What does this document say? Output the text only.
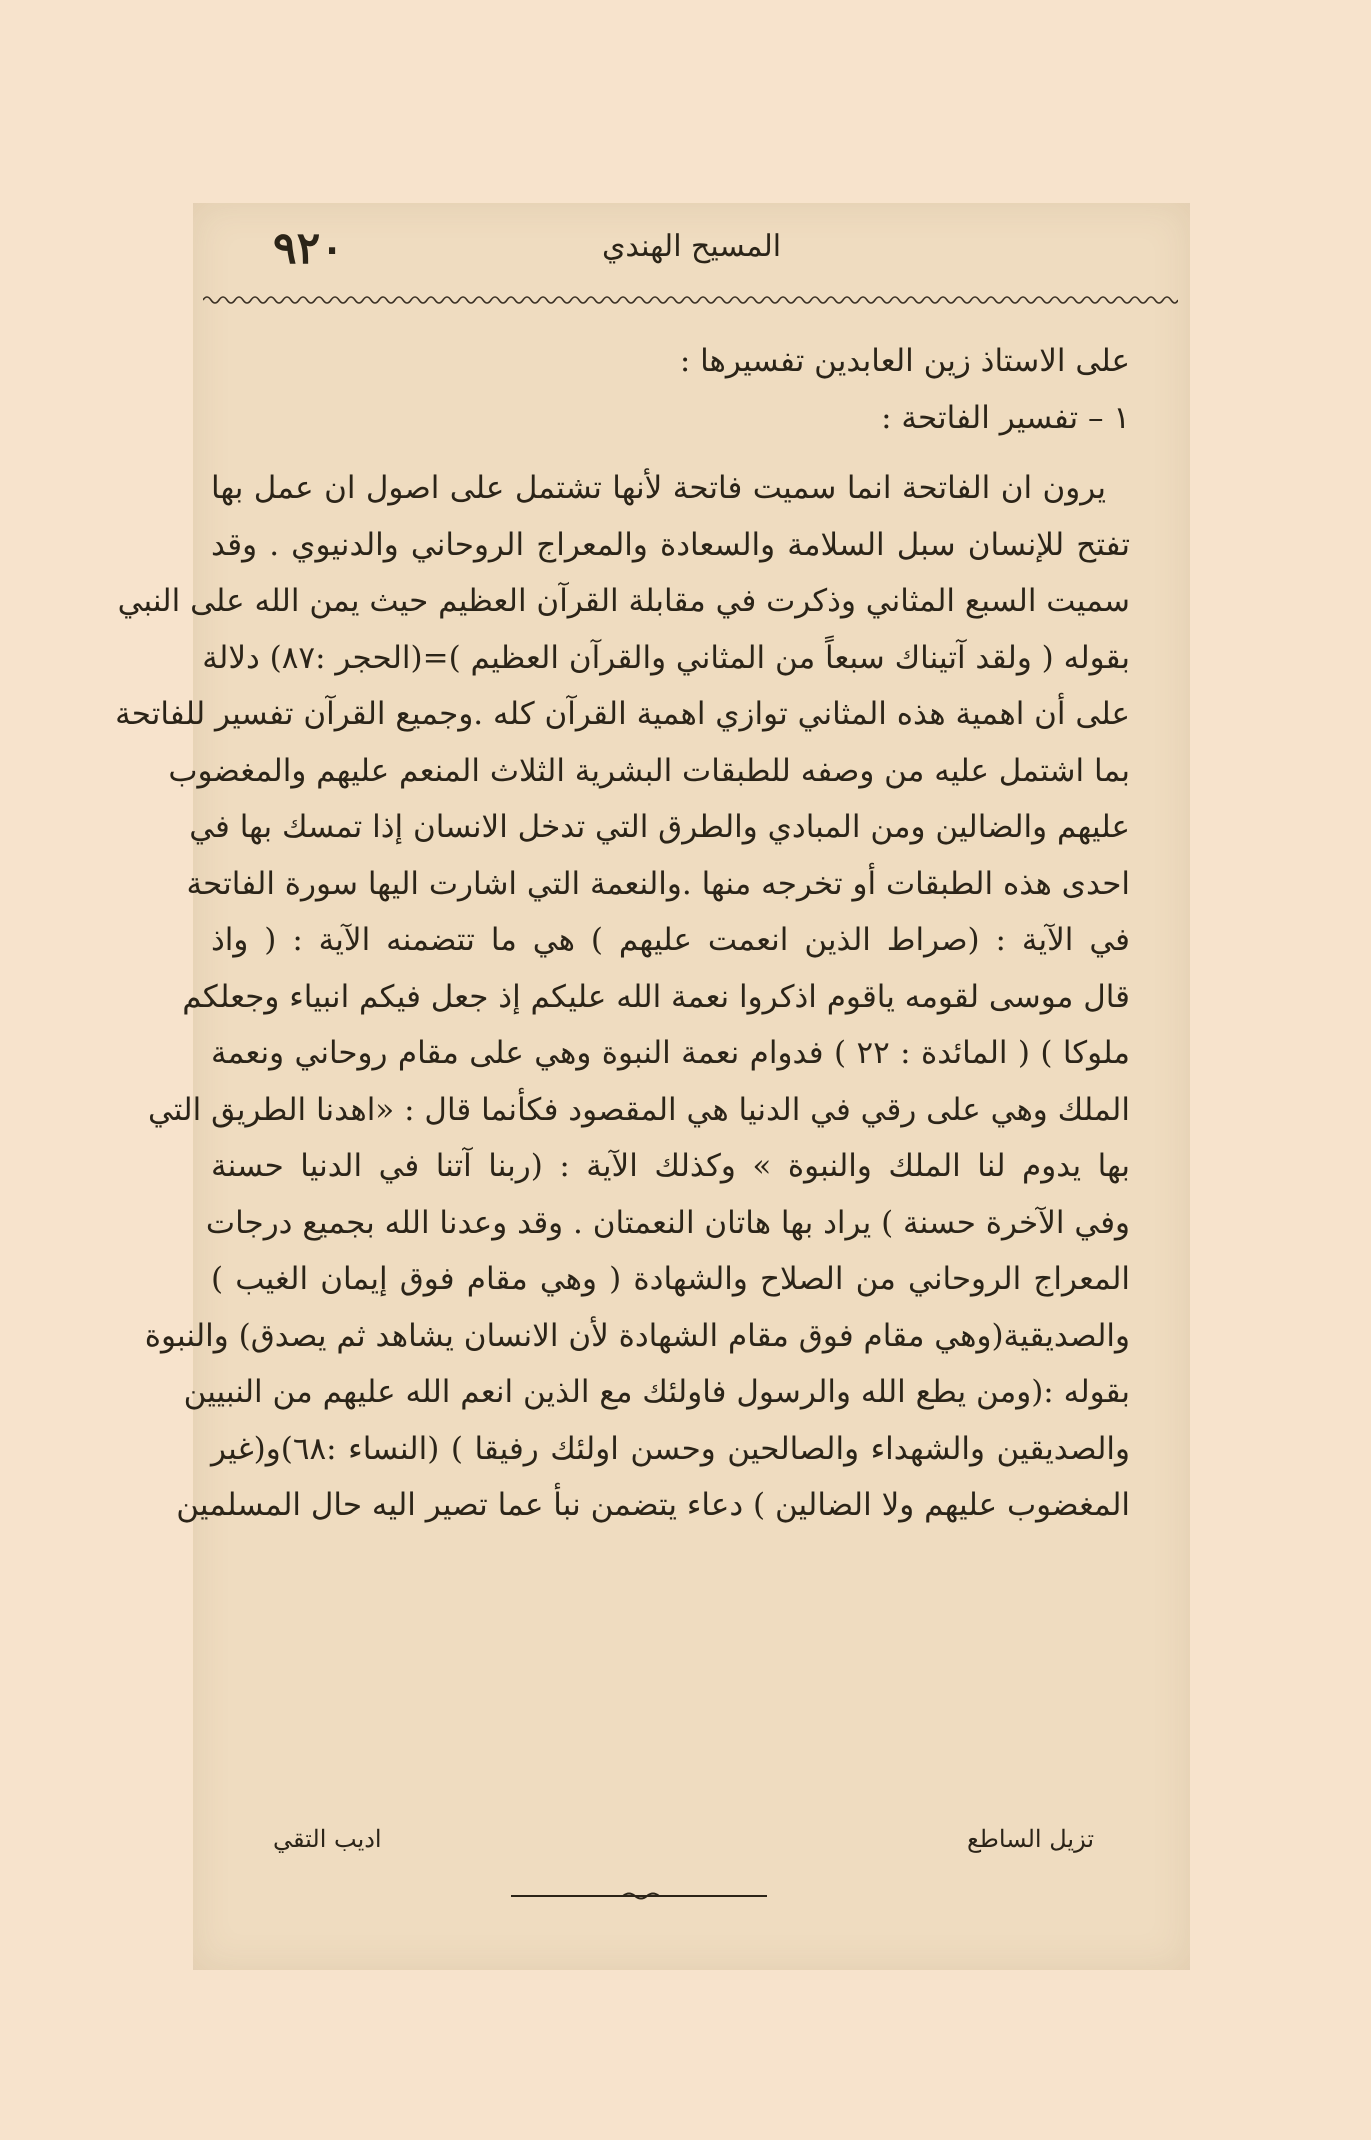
٩٢٠	المسيح الهندي
على الاستاذ زين العابدين تفسيرها :
١ – تفسير الفاتحة :
يرون ان الفاتحة انما سميت فاتحة لأنها تشتمل على اصول ان عمل بها
تفتح للإنسان سبل السلامة والسعادة والمعراج الروحاني والدنيوي . وقد
سميت السبع المثاني وذكرت في مقابلة القرآن العظيم حيث يمن الله على النبي
بقوله ( ولقد آتيناك سبعاً من المثاني والقرآن العظيم )=(الحجر :٨٧) دلالة
على أن اهمية هذه المثاني توازي اهمية القرآن كله .وجميع القرآن تفسير للفاتحة
بما اشتمل عليه من وصفه للطبقات البشرية الثلاث المنعم عليهم والمغضوب
عليهم والضالين ومن المبادي والطرق التي تدخل الانسان إذا تمسك بها في
احدى هذه الطبقات أو تخرجه منها .والنعمة التي اشارت اليها سورة الفاتحة
في الآية : (صراط الذين انعمت عليهم ) هي ما تتضمنه الآية : ( واذ
قال موسى لقومه ياقوم اذكروا نعمة الله عليكم إذ جعل فيكم انبياء وجعلكم
ملوكا ) ( المائدة : ٢٢ ) فدوام نعمة النبوة وهي على مقام روحاني ونعمة
الملك وهي على رقي في الدنيا هي المقصود فكأنما قال : «اهدنا الطريق التي
بها يدوم لنا الملك والنبوة » وكذلك الآية : (ربنا آتنا في الدنيا حسنة
وفي الآخرة حسنة ) يراد بها هاتان النعمتان . وقد وعدنا الله بجميع درجات
المعراج الروحاني من الصلاح والشهادة ( وهي مقام فوق إيمان الغيب )
والصديقية(وهي مقام فوق مقام الشهادة لأن الانسان يشاهد ثم يصدق) والنبوة
بقوله :(ومن يطع الله والرسول فاولئك مع الذين انعم الله عليهم من النبيين
والصديقين والشهداء والصالحين وحسن اولئك رفيقا ) (النساء :٦٨)و(غير
المغضوب عليهم ولا الضالين ) دعاء يتضمن نبأ عما تصير اليه حال المسلمين
تزيل الساطع
اديب التقي
